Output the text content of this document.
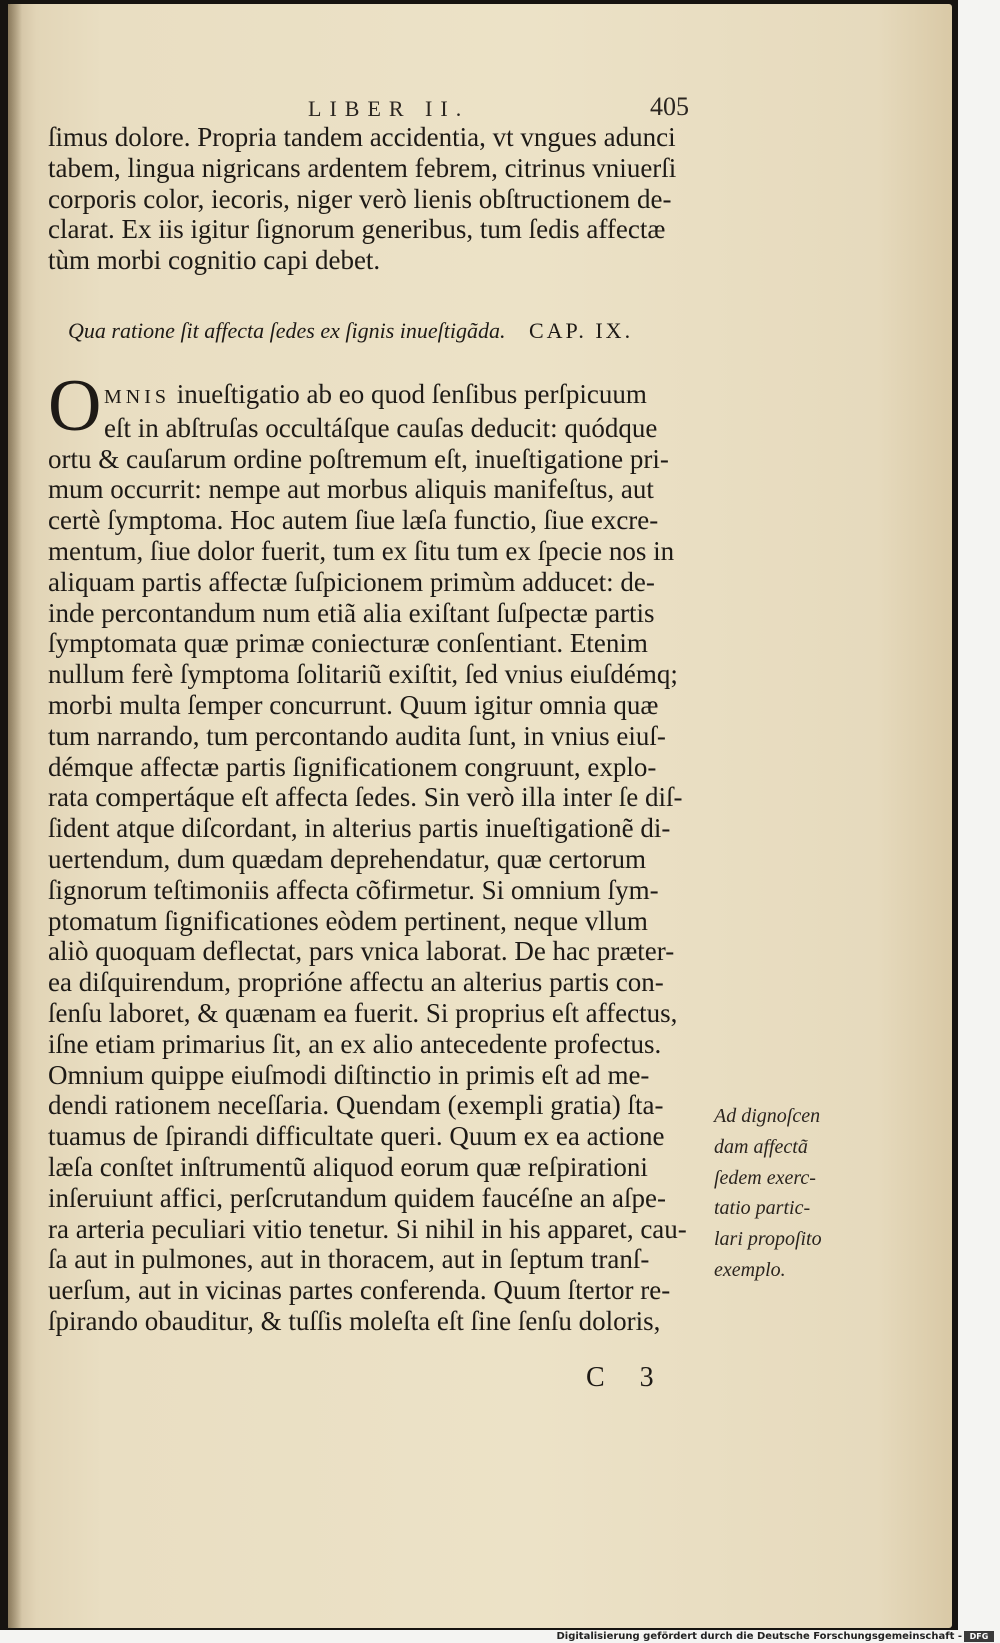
LIBER II.	405
ſimus dolore. Propria tandem accidentia, vt vngues adunci
tabem, lingua nigricans ardentem febrem, citrinus vniuerſi
corporis color, iecoris, niger verò lienis obſtructionem de-
clarat. Ex iis igitur ſignorum generibus, tum ſedis affectæ
tùm morbi cognitio capi debet.
Qua ratione ſit affecta ſedes ex ſignis inueſtigãda. CAP. IX.
O MNIS inueſtigatio ab eo quod ſenſibus perſpicuum
eſt in abſtruſas occultáſque cauſas deducit: quódque
ortu & cauſarum ordine poſtremum eſt, inueſtigatione pri-
mum occurrit: nempe aut morbus aliquis manifeſtus, aut
certè ſymptoma. Hoc autem ſiue læſa functio, ſiue excre-
mentum, ſiue dolor fuerit, tum ex ſitu tum ex ſpecie nos in
aliquam partis affectæ ſuſpicionem primùm adducet: de-
inde percontandum num etiã alia exiſtant ſuſpectæ partis
ſymptomata quæ primæ coniecturæ conſentiant. Etenim
nullum ferè ſymptoma ſolitariũ exiſtit, ſed vnius eiuſdémq;
morbi multa ſemper concurrunt. Quum igitur omnia quæ
tum narrando, tum percontando audita ſunt, in vnius eiuſ-
démque affectæ partis ſignificationem congruunt, explo-
rata compertáque eſt affecta ſedes. Sin verò illa inter ſe diſ-
ſident atque diſcordant, in alterius partis inueſtigationẽ di-
uertendum, dum quædam deprehendatur, quæ certorum
ſignorum teſtimoniis affecta cõfirmetur. Si omnium ſym-
ptomatum ſignificationes eòdem pertinent, neque vllum
aliò quoquam deflectat, pars vnica laborat. De hac præter-
ea diſquirendum, proprióne affectu an alterius partis con-
ſenſu laboret, & quænam ea fuerit. Si proprius eſt affectus,
iſne etiam primarius ſit, an ex alio antecedente profectus.
Omnium quippe eiuſmodi diſtinctio in primis eſt ad me-
dendi rationem neceſſaria. Quendam (exempli gratia) ſta-
tuamus de ſpirandi difficultate queri. Quum ex ea actione
læſa conſtet inſtrumentũ aliquod eorum quæ reſpirationi
inſeruiunt affici, perſcrutandum quidem faucéſne an aſpe-
ra arteria peculiari vitio tenetur. Si nihil in his apparet, cau-
ſa aut in pulmones, aut in thoracem, aut in ſeptum tranſ-
uerſum, aut in vicinas partes conferenda. Quum ſtertor re-
ſpirando obauditur, & tuſſis moleſta eſt ſine ſenſu doloris,
Ad dignoſcen
dam affectã
ſedem exerc-
tatio partic-
lari propoſito
exemplo.
C 3
Digitalisierung gefördert durch die Deutsche Forschungsgemeinschaft - DFG
